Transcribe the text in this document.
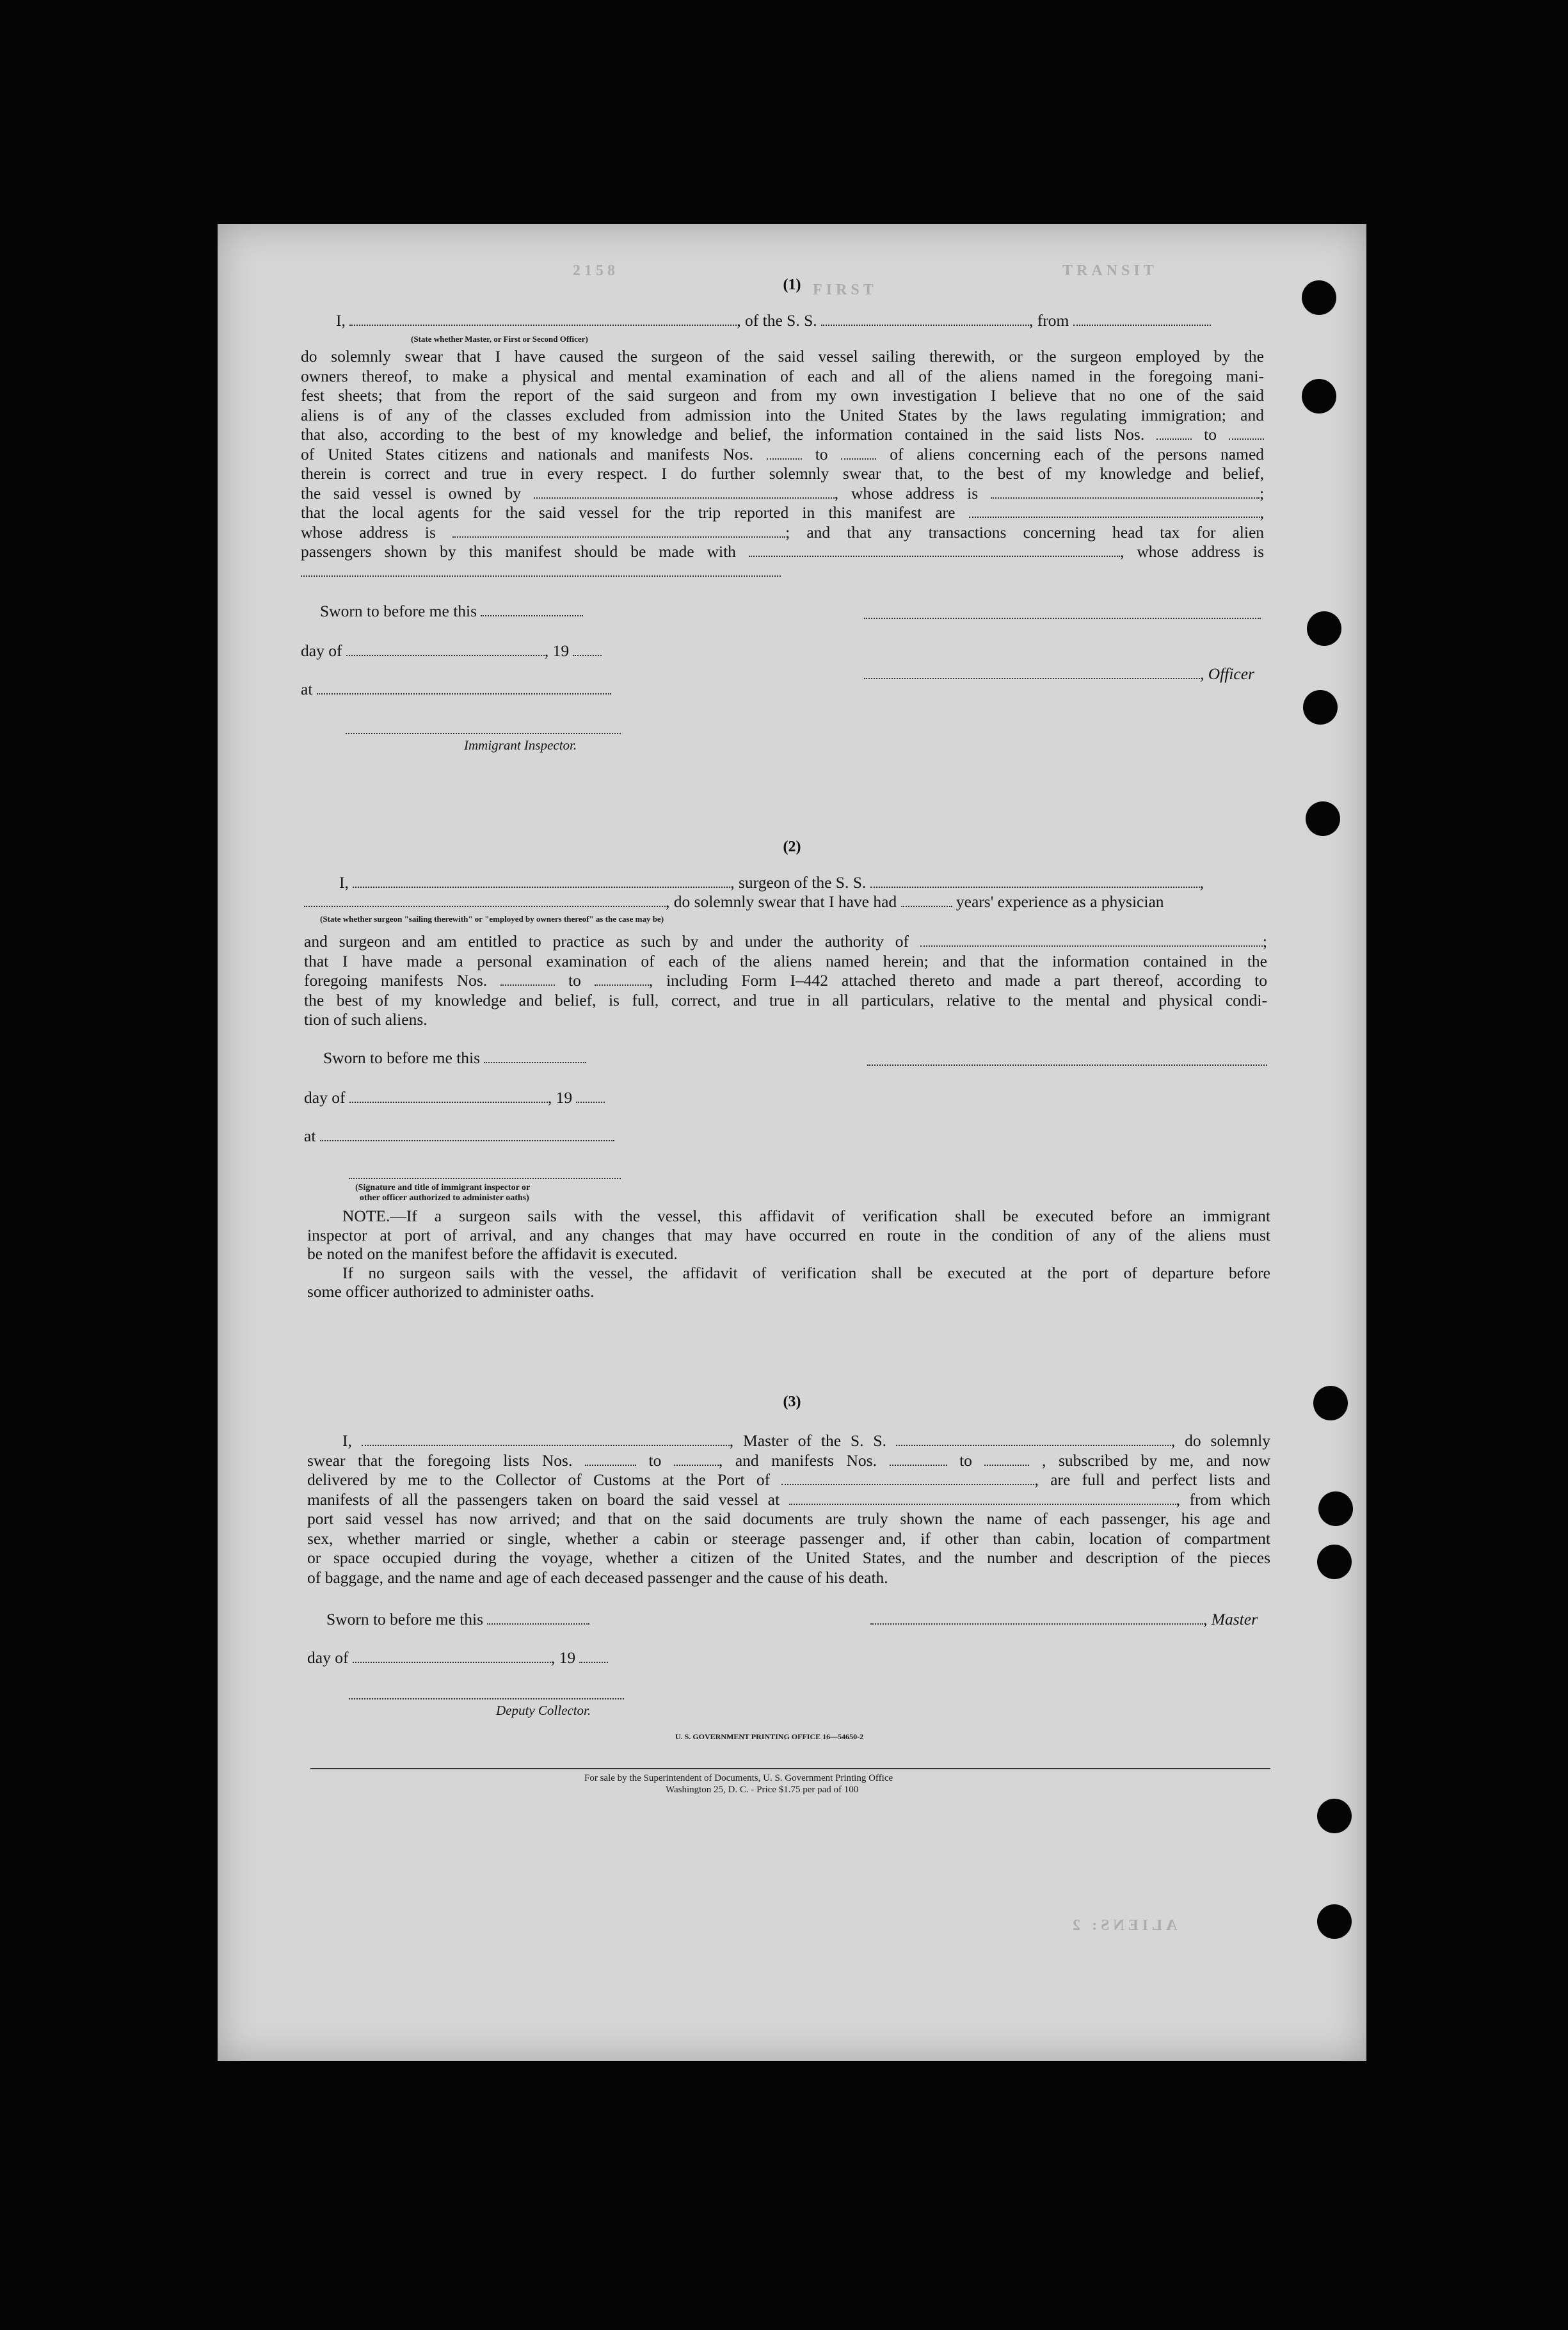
2158	TRANSIT
FIRST
ALIENS: 2
(1)
I,	, of the S. S.	, from
(State whether Master, or First or Second Officer)

do solemnly swear that I have caused the surgeon of the said vessel sailing therewith, or the surgeon employed by the

owners thereof, to make a physical and mental examination of each and all of the aliens named in the foregoing mani-

fest sheets; that from the report of the said surgeon and from my own investigation I believe that no one of the said

aliens is of any of the classes excluded from admission into the United States by the laws regulating immigration; and

that also, according to the best of my knowledge and belief, the information contained in the said lists Nos.	to

of United States citizens and nationals and manifests Nos.	to	of aliens concerning each of the persons named

therein is correct and true in every respect. I do further solemnly swear that, to the best of my knowledge and belief,

the said vessel is owned by	, whose address is	;

that the local agents for the said vessel for the trip reported in this manifest are	,

whose address is	; and that any transactions concerning head tax for alien

passengers shown by this manifest should be made with	, whose address is

Sworn to before me this
day of	, 19
, Officer
at
Immigrant Inspector.
(2)
I,	, surgeon of the S. S.	,
, do solemnly swear that I have had	years' experience as a physician
(State whether surgeon "sailing therewith" or "employed by owners thereof" as the case may be)

and surgeon and am entitled to practice as such by and under the authority of	;

that I have made a personal examination of each of the aliens named herein; and that the information contained in the

foregoing manifests Nos.	to	, including Form I–442 attached thereto and made a part thereof, according to

the best of my knowledge and belief, is full, correct, and true in all particulars, relative to the mental and physical condi-

tion of such aliens.

Sworn to before me this
day of	, 19
at
(Signature and title of immigrant inspector or
other officer authorized to administer oaths)

NOTE.—If a surgeon sails with the vessel, this affidavit of verification shall be executed before an immigrant

inspector at port of arrival, and any changes that may have occurred en route in the condition of any of the aliens must

be noted on the manifest before the affidavit is executed.

If no surgeon sails with the vessel, the affidavit of verification shall be executed at the port of departure before

some officer authorized to administer oaths.

(3)

I,	, Master of the S. S.	, do solemnly

swear that the foregoing lists Nos.	to	, and manifests Nos.	to	, subscribed by me, and now

delivered by me to the Collector of Customs at the Port of	, are full and perfect lists and

manifests of all the passengers taken on board the said vessel at	, from which

port said vessel has now arrived; and that on the said documents are truly shown the name of each passenger, his age and

sex, whether married or single, whether a cabin or steerage passenger and, if other than cabin, location of compartment

or space occupied during the voyage, whether a citizen of the United States, and the number and description of the pieces

of baggage, and the name and age of each deceased passenger and the cause of his death.

Sworn to before me this	, Master
day of	, 19
Deputy Collector.
U. S. GOVERNMENT PRINTING OFFICE 16—54650-2
For sale by the Superintendent of Documents, U. S. Government Printing Office
Washington 25, D. C. - Price $1.75 per pad of 100
